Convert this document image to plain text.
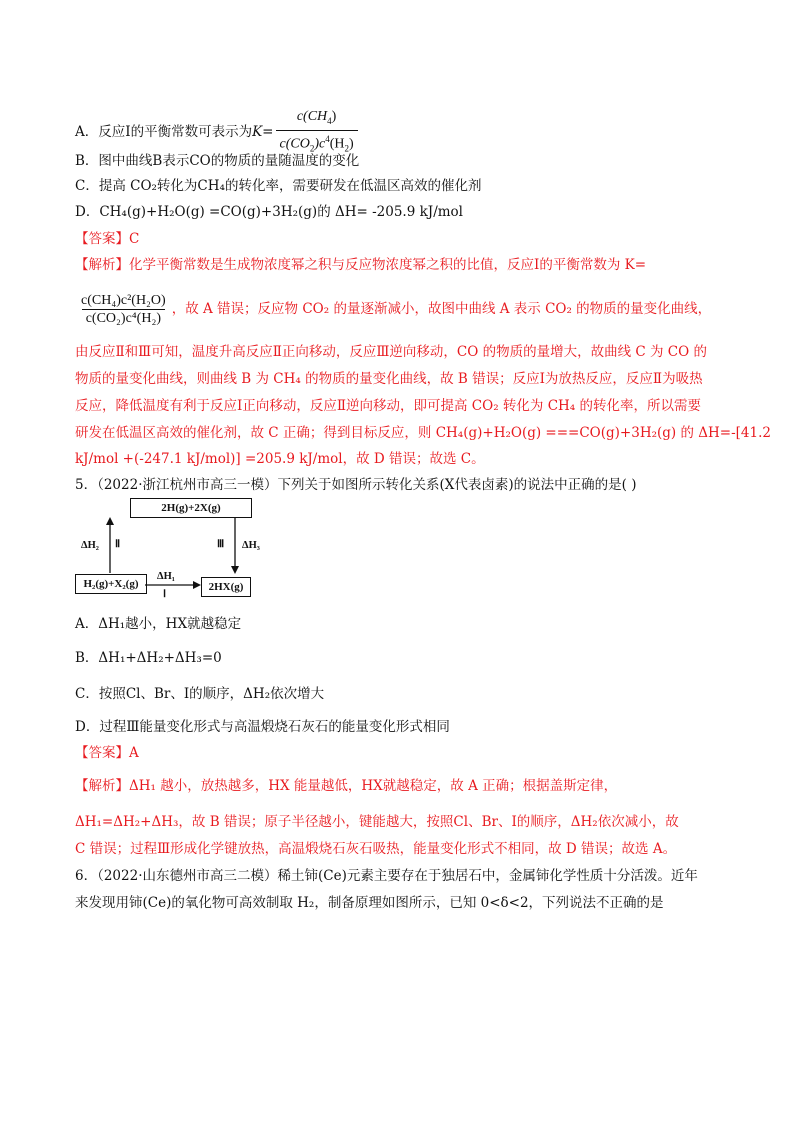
A．反应Ⅰ的平衡常数可表示为$K= \frac{c(CH_4)}{c(CO_2)c^4(H_2)}$
B．图中曲线B表示CO的物质的量随温度的变化
C．提高 CO₂转化为CH₄的转化率，需要研发在低温区高效的催化剂
D．CH₄(g)+H₂O(g) =CO(g)+3H₂(g)的 ΔH= -205.9 kJ/mol
【答案】C
【解析】化学平衡常数是生成物浓度幂之积与反应物浓度幂之积的比值，反应Ⅰ的平衡常数为 K=
$\frac{\text{c(CH₄)c²(H₂O)}}{\text{c(CO₂)c⁴(H₂)}}$ ，故 A 错误；反应物 CO₂ 的量逐渐减小，故图中曲线 A 表示 CO₂ 的物质的量变化曲线，
由反应Ⅱ和Ⅲ可知，温度升高反应Ⅱ正向移动，反应Ⅲ逆向移动，CO 的物质的量增大，故曲线 C 为 CO 的
物质的量变化曲线，则曲线 B 为 CH₄ 的物质的量变化曲线，故 B 错误；反应Ⅰ为放热反应，反应Ⅱ为吸热
反应，降低温度有利于反应Ⅰ正向移动，反应Ⅱ逆向移动，即可提高 CO₂ 转化为 CH₄ 的转化率，所以需要
研发在低温区高效的催化剂，故 C 正确；得到目标反应，则 CH₄(g)+H₂O(g) ===CO(g)+3H₂(g) 的 ΔH=-[41.2
kJ/mol +(-247.1 kJ/mol)] =205.9 kJ/mol，故 D 错误；故选 C。
5．（2022·浙江杭州市高三一模）下列关于如图所示转化关系(X代表卤素)的说法中正确的是( )
2H(g)+2X(g)
H₂(g)+X₂(g)	2HX(g)
ΔH₂ Ⅱ	Ⅲ ΔH₃
ΔH₁
Ⅰ
A．ΔH₁越小，HX就越稳定
B．ΔH₁+ΔH₂+ΔH₃=0
C．按照Cl、Br、I的顺序，ΔH₂依次增大
D．过程Ⅲ能量变化形式与高温煅烧石灰石的能量变化形式相同
【答案】A
【解析】ΔH₁ 越小，放热越多，HX 能量越低，HX就越稳定，故 A 正确；根据盖斯定律，
ΔH₁=ΔH₂+ΔH₃，故 B 错误；原子半径越小，键能越大，按照Cl、Br、I的顺序，ΔH₂依次减小，故
C 错误；过程Ⅲ形成化学键放热，高温煅烧石灰石吸热，能量变化形式不相同，故 D 错误；故选 A。
6．（2022·山东德州市高三二模）稀土铈(Ce)元素主要存在于独居石中，金属铈化学性质十分活泼。近年
来发现用铈(Ce)的氧化物可高效制取 H₂，制备原理如图所示，已知 0<δ<2，下列说法不正确的是
